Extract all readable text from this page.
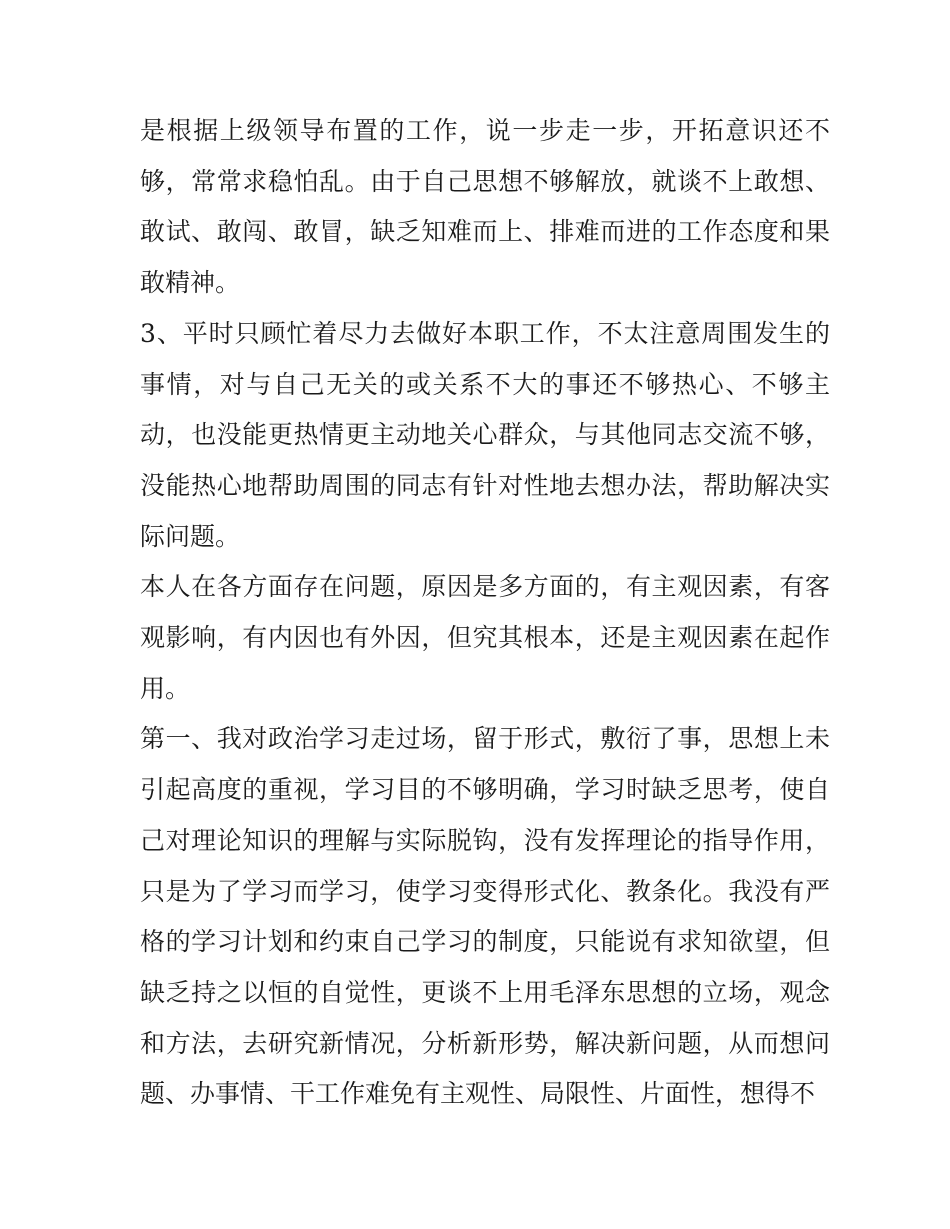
是根据上级领导布置的工作，说一步走一步，开拓意识还不够，常常求稳怕乱。由于自己思想不够解放，就谈不上敢想、敢试、敢闯、敢冒，缺乏知难而上、排难而进的工作态度和果敢精神。

3、平时只顾忙着尽力去做好本职工作，不太注意周围发生的事情，对与自己无关的或关系不大的事还不够热心、不够主动，也没能更热情更主动地关心群众，与其他同志交流不够，没能热心地帮助周围的同志有针对性地去想办法，帮助解决实际问题。

本人在各方面存在问题，原因是多方面的，有主观因素，有客观影响，有内因也有外因，但究其根本，还是主观因素在起作用。

第一、我对政治学习走过场，留于形式，敷衍了事，思想上未引起高度的重视，学习目的不够明确，学习时缺乏思考，使自己对理论知识的理解与实际脱钩，没有发挥理论的指导作用，只是为了学习而学习，使学习变得形式化、教条化。我没有严格的学习计划和约束自己学习的制度，只能说有求知欲望，但缺乏持之以恒的自觉性，更谈不上用毛泽东思想的立场，观念和方法，去研究新情况，分析新形势，解决新问题，从而想问题、办事情、干工作难免有主观性、局限性、片面性，想得不
